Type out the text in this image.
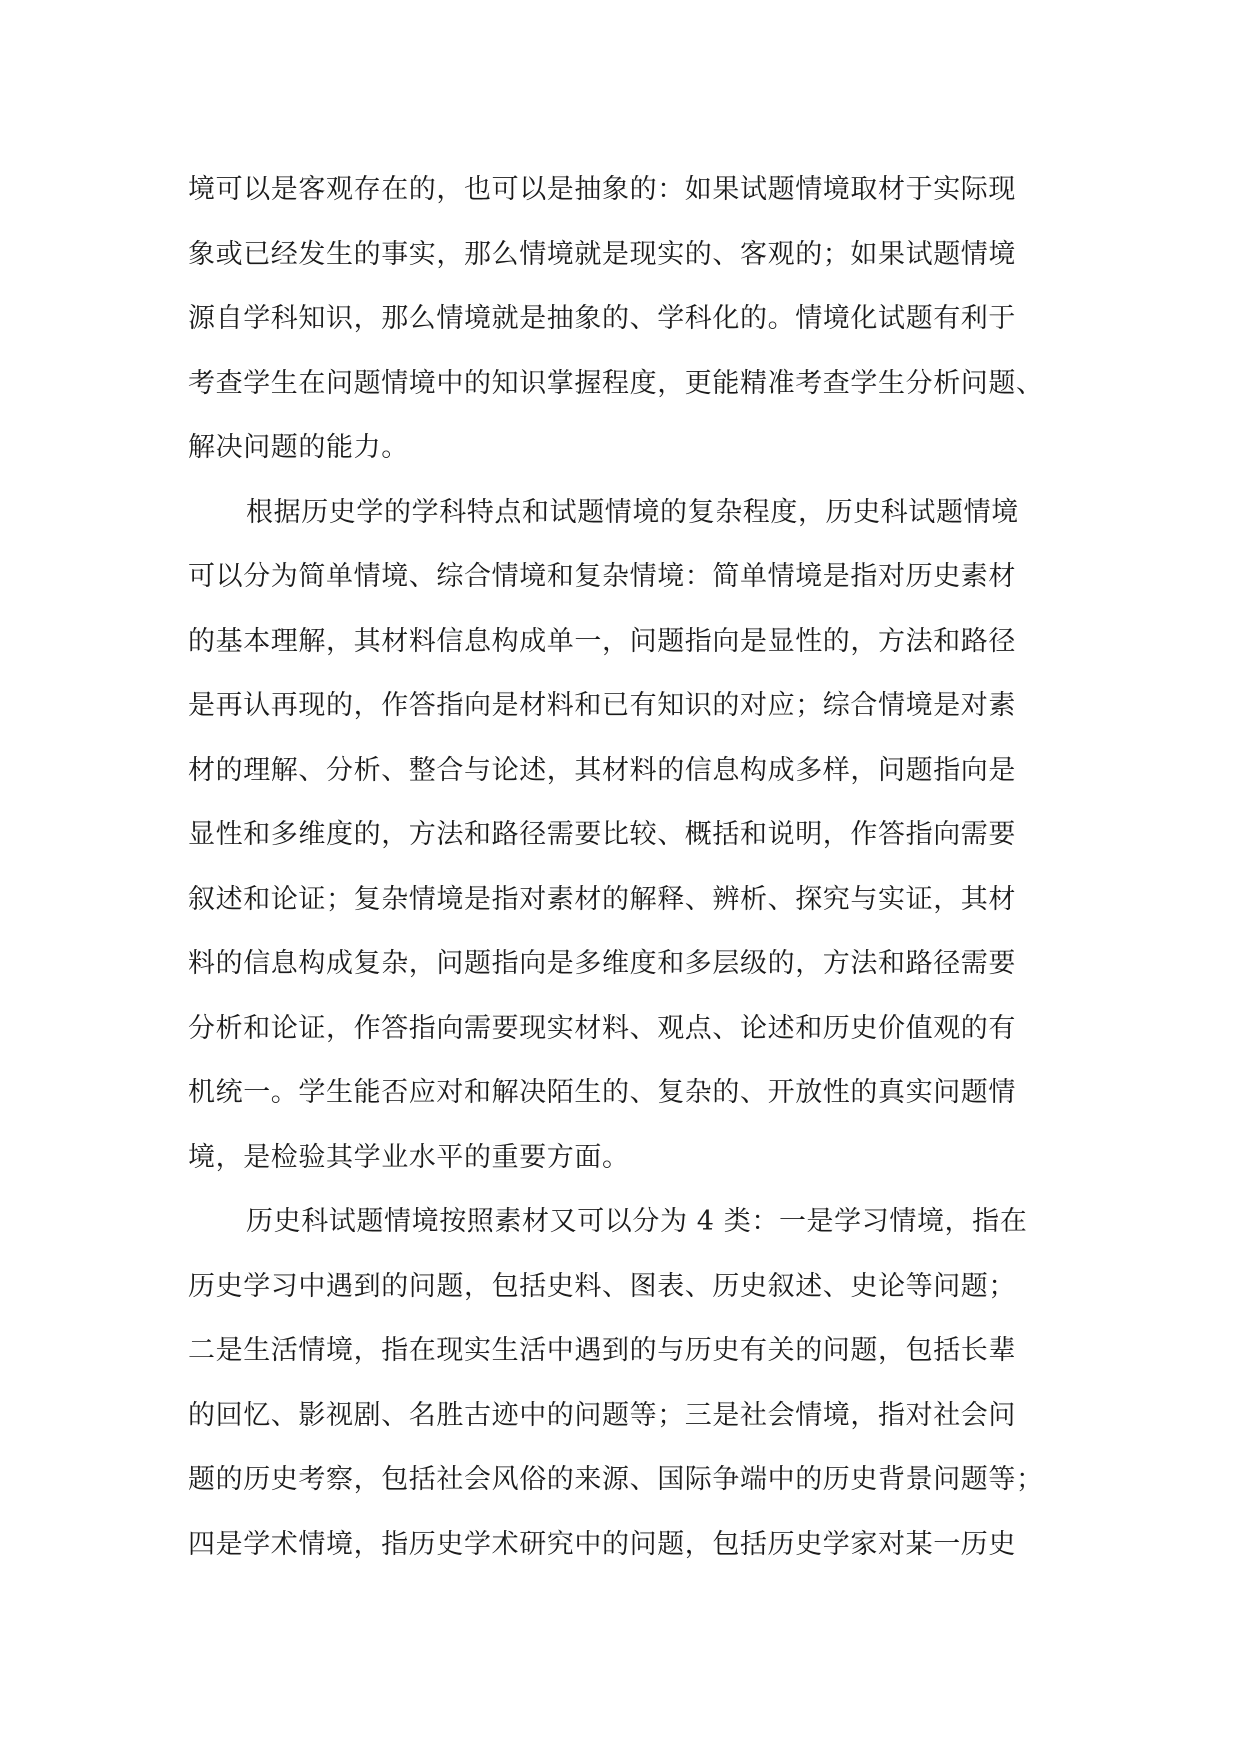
境可以是客观存在的，也可以是抽象的：如果试题情境取材于实际现
象或已经发生的事实，那么情境就是现实的、客观的；如果试题情境
源自学科知识，那么情境就是抽象的、学科化的。情境化试题有利于
考查学生在问题情境中的知识掌握程度，更能精准考查学生分析问题、
解决问题的能力。

根据历史学的学科特点和试题情境的复杂程度，历史科试题情境
可以分为简单情境、综合情境和复杂情境：简单情境是指对历史素材
的基本理解，其材料信息构成单一，问题指向是显性的，方法和路径
是再认再现的，作答指向是材料和已有知识的对应；综合情境是对素
材的理解、分析、整合与论述，其材料的信息构成多样，问题指向是
显性和多维度的，方法和路径需要比较、概括和说明，作答指向需要
叙述和论证；复杂情境是指对素材的解释、辨析、探究与实证，其材
料的信息构成复杂，问题指向是多维度和多层级的，方法和路径需要
分析和论证，作答指向需要现实材料、观点、论述和历史价值观的有
机统一。学生能否应对和解决陌生的、复杂的、开放性的真实问题情
境，是检验其学业水平的重要方面。

历史科试题情境按照素材又可以分为 4 类：一是学习情境，指在
历史学习中遇到的问题，包括史料、图表、历史叙述、史论等问题；
二是生活情境，指在现实生活中遇到的与历史有关的问题，包括长辈
的回忆、影视剧、名胜古迹中的问题等；三是社会情境，指对社会问
题的历史考察，包括社会风俗的来源、国际争端中的历史背景问题等；
四是学术情境，指历史学术研究中的问题，包括历史学家对某一历史
